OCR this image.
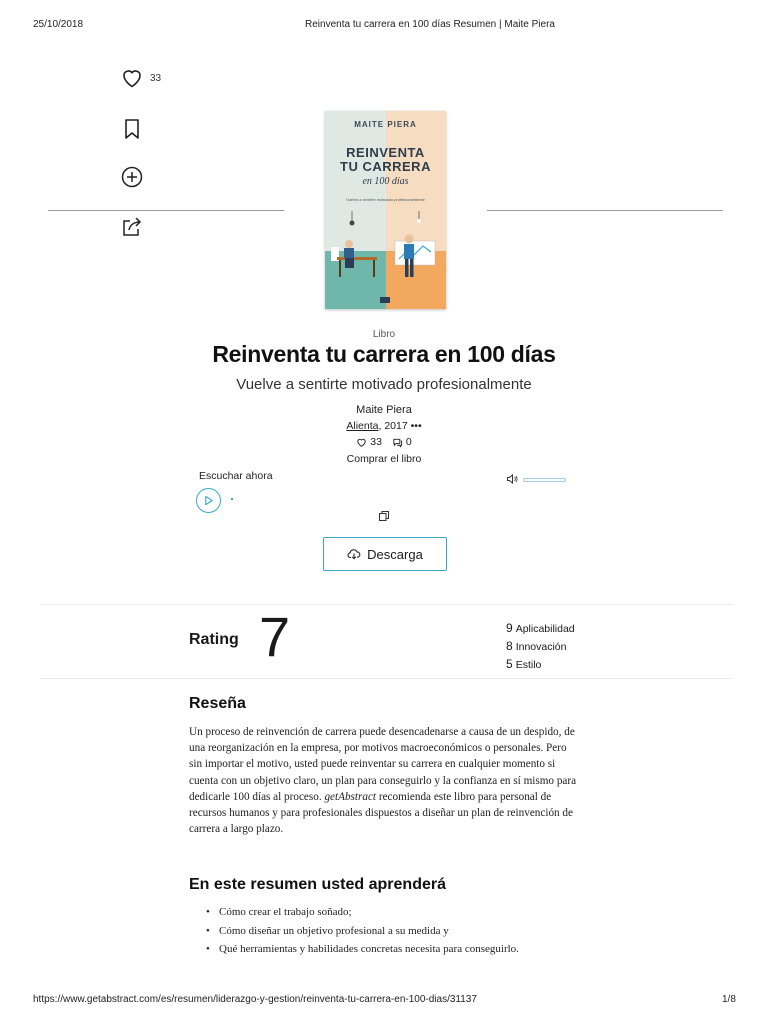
25/10/2018	Reinventa tu carrera en 100 días Resumen | Maite Piera
33
MAITE PIERA
REINVENTA
TU CARRERA
en 100 días
Vuelve a sentirte motivado profesionalmente
Libro
Reinventa tu carrera en 100 días
Vuelve a sentirte motivado profesionalmente
Maite Piera
Alienta, 2017 •••
33 0
Comprar el libro
Escuchar ahora
Descarga
Rating 7	9 Aplicabilidad
8 Innovación
5 Estilo
Reseña
Un proceso de reinvención de carrera puede desencadenarse a causa de un despido, de una reorganización en la empresa, por motivos macroeconómicos o personales. Pero sin importar el motivo, usted puede reinventar su carrera en cualquier momento si cuenta con un objetivo claro, un plan para conseguirlo y la confianza en sí mismo para dedicarle 100 días al proceso. getAbstract recomienda este libro para personal de recursos humanos y para profesionales dispuestos a diseñar un plan de reinvención de carrera a largo plazo.
En este resumen usted aprenderá
• Cómo crear el trabajo soñado;
• Cómo diseñar un objetivo profesional a su medida y
• Qué herramientas y habilidades concretas necesita para conseguirlo.
https://www.getabstract.com/es/resumen/liderazgo-y-gestion/reinventa-tu-carrera-en-100-dias/31137	1/8
